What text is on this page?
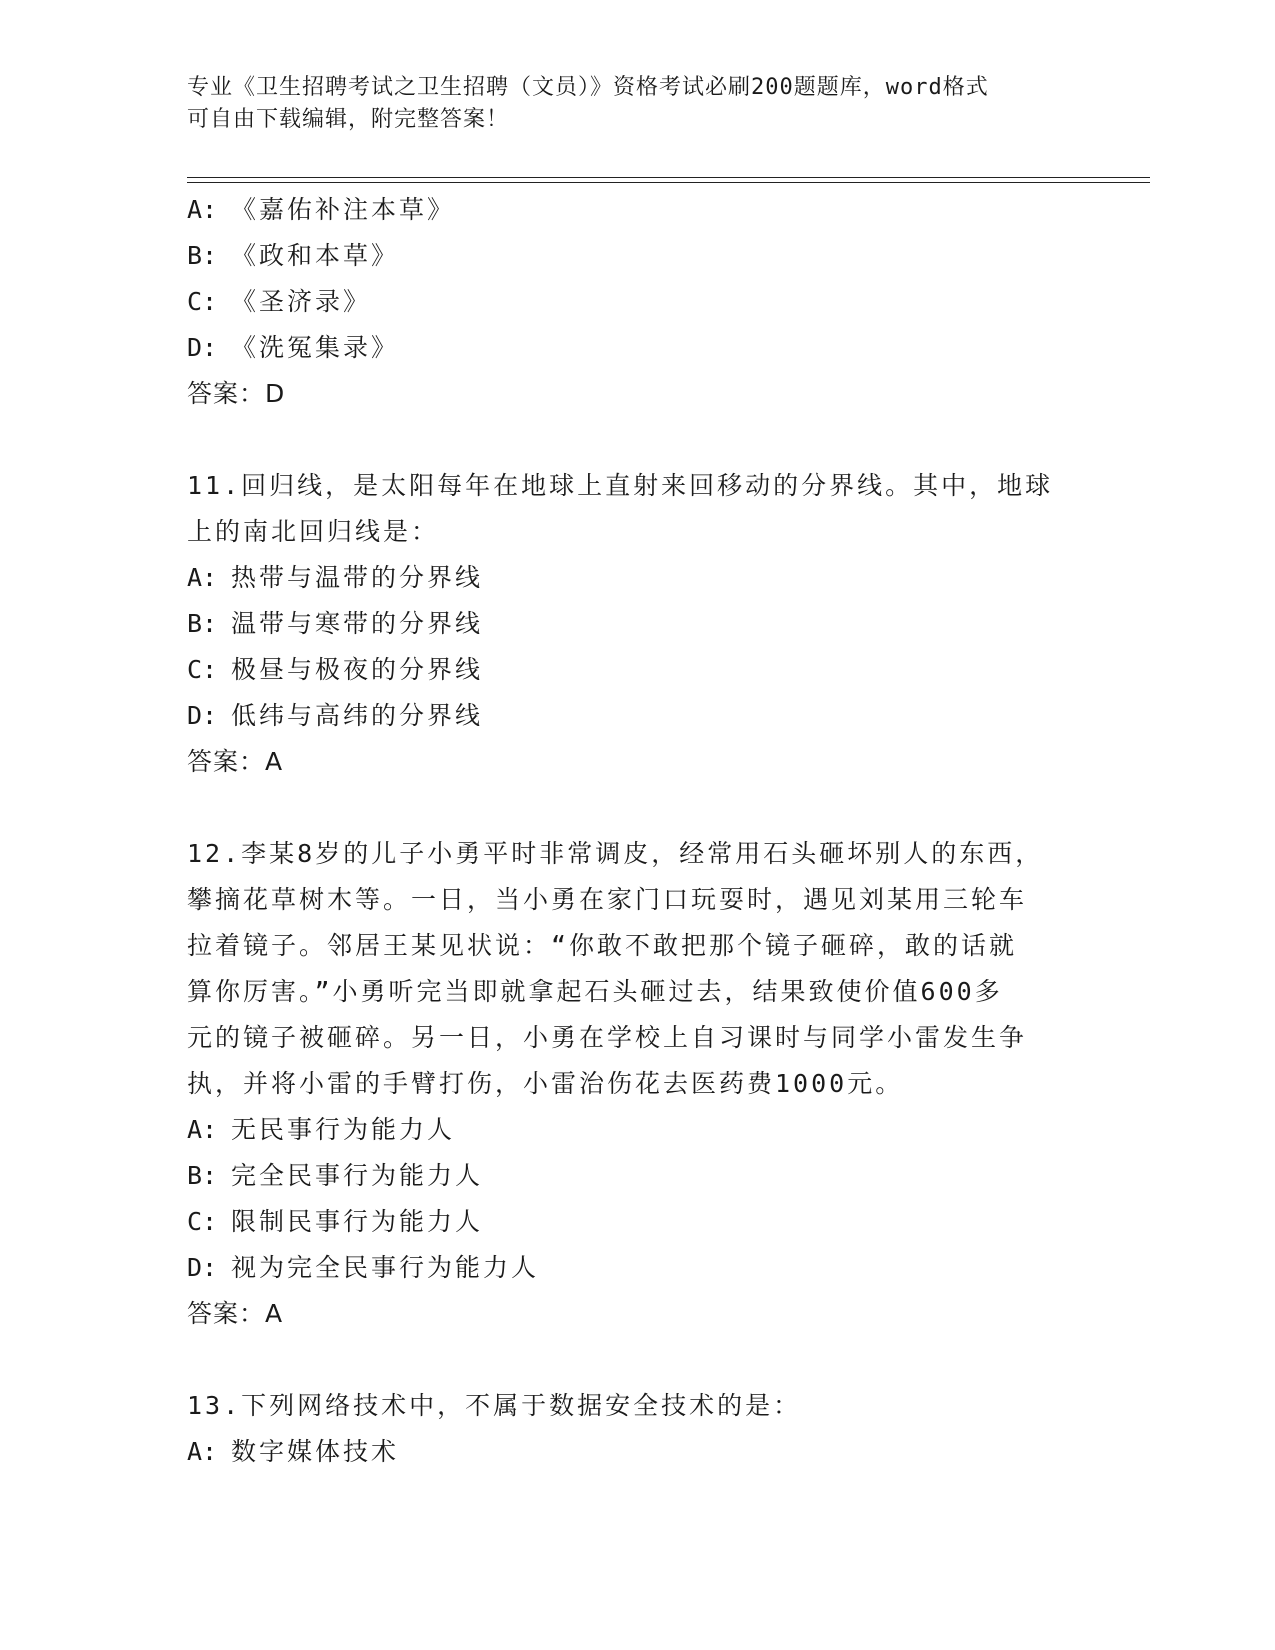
专业《卫生招聘考试之卫生招聘（文员）》资格考试必刷200题题库，word格式
可自由下载编辑，附完整答案！
A: 《嘉佑补注本草》
B: 《政和本草》
C: 《圣济录》
D: 《洗冤集录》
答案：D
11.回归线，是太阳每年在地球上直射来回移动的分界线。其中，地球
上的南北回归线是：
A: 热带与温带的分界线
B: 温带与寒带的分界线
C: 极昼与极夜的分界线
D: 低纬与高纬的分界线
答案：A
12.李某8岁的儿子小勇平时非常调皮，经常用石头砸坏别人的东西，
攀摘花草树木等。一日，当小勇在家门口玩耍时，遇见刘某用三轮车
拉着镜子。邻居王某见状说：“你敢不敢把那个镜子砸碎，敢的话就
算你厉害。”小勇听完当即就拿起石头砸过去，结果致使价值600多
元的镜子被砸碎。另一日，小勇在学校上自习课时与同学小雷发生争
执，并将小雷的手臂打伤，小雷治伤花去医药费1000元。
A: 无民事行为能力人
B: 完全民事行为能力人
C: 限制民事行为能力人
D: 视为完全民事行为能力人
答案：A
13.下列网络技术中，不属于数据安全技术的是：
A: 数字媒体技术
